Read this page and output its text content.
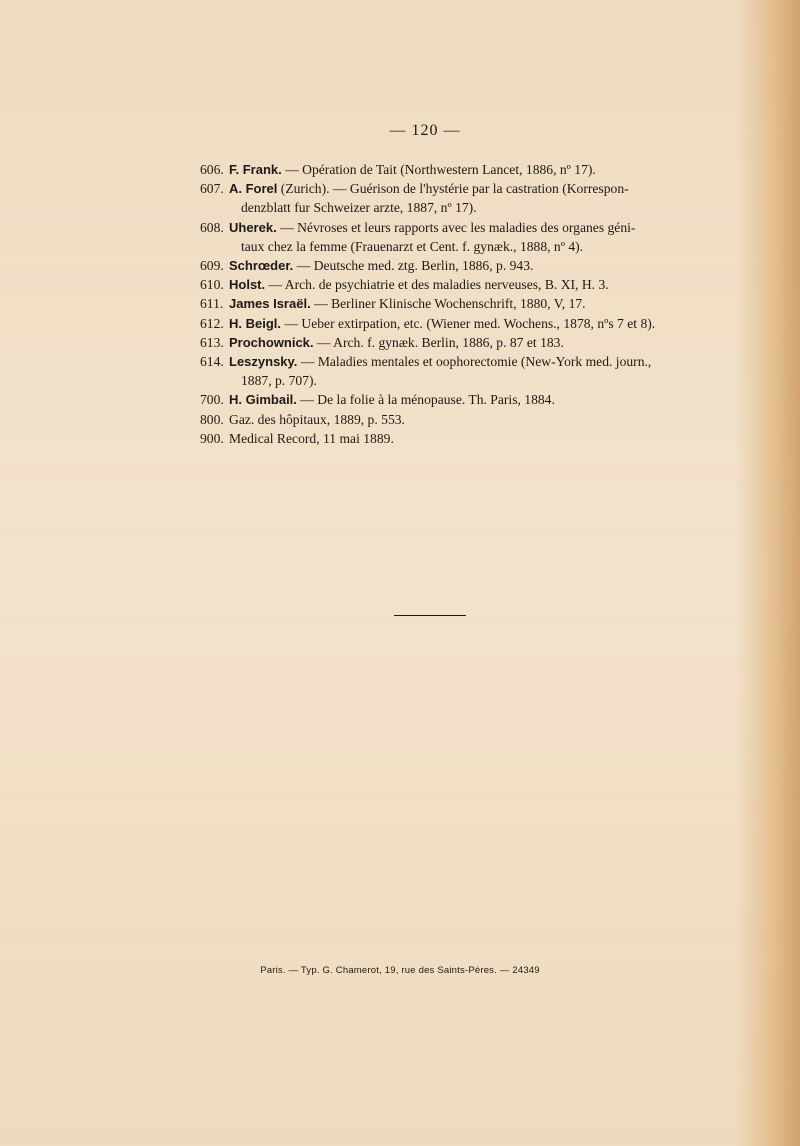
— 120 —
606. F. Frank. — Opération de Tait (Northwestern Lancet, 1886, nº 17).
607. A. Forel (Zurich). — Guérison de l'hystérie par la castration (Korrespon-
denzblatt fur Schweizer arzte, 1887, nº 17).
608. Uherek. — Névroses et leurs rapports avec les maladies des organes géni-
taux chez la femme (Frauenarzt et Cent. f. gynæk., 1888, nº 4).
609. Schrœder. — Deutsche med. ztg. Berlin, 1886, p. 943.
610. Holst. — Arch. de psychiatrie et des maladies nerveuses, B. XI, H. 3.
611. James Israël. — Berliner Klinische Wochenschrift, 1880, V, 17.
612. H. Beigl. — Ueber extirpation, etc. (Wiener med. Wochens., 1878, nºs 7 et 8).
613. Prochownick. — Arch. f. gynæk. Berlin, 1886, p. 87 et 183.
614. Leszynsky. — Maladies mentales et oophorectomie (New-York med. journ.,
1887, p. 707).
700. H. Gimbail. — De la folie à la ménopause. Th. Paris, 1884.
800. Gaz. des hôpitaux, 1889, p. 553.
900. Medical Record, 11 mai 1889.
Paris. — Typ. G. Chamerot, 19, rue des Saints-Pères. — 24349
